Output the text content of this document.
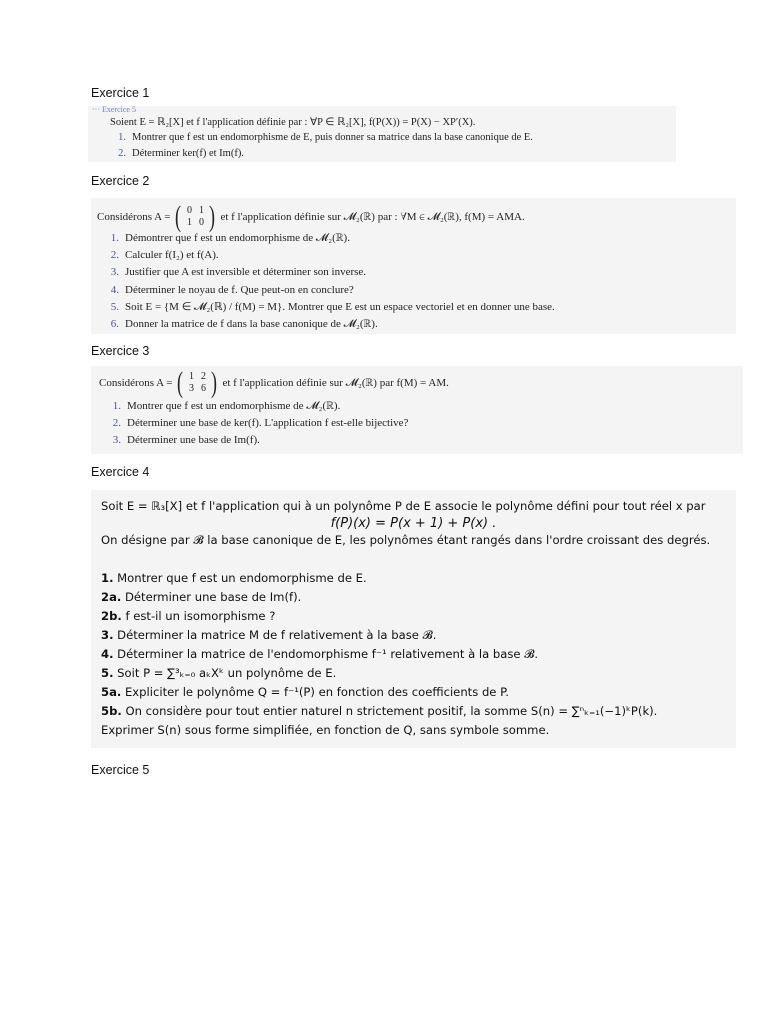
Exercice 1
··· Exercice 5
Soient E = ℝ₂[X] et f l'application définie par : ∀P ∈ ℝ₂[X], f(P(X)) = P(X) − XP′(X).
1. Montrer que f est un endomorphisme de E, puis donner sa matrice dans la base canonique de E.
2. Déterminer ker(f) et Im(f).
Exercice 2
Considérons A = ( 0 1
1 0 ) et f l'application définie sur 𝓜₂(ℝ) par : ∀M ∈ 𝓜₂(ℝ), f(M) = AMA.
1. Démontrer que f est un endomorphisme de 𝓜₂(ℝ).
2. Calculer f(I₂) et f(A).
3. Justifier que A est inversible et déterminer son inverse.
4. Déterminer le noyau de f. Que peut-on en conclure?
5. Soit E = {M ∈ 𝓜₂(ℝ) / f(M) = M}. Montrer que E est un espace vectoriel et en donner une base.
6. Donner la matrice de f dans la base canonique de 𝓜₂(ℝ).
Exercice 3
Considérons A = ( 1 2
3 6 ) et f l'application définie sur 𝓜₂(ℝ) par f(M) = AM.
1. Montrer que f est un endomorphisme de 𝓜₂(ℝ).
2. Déterminer une base de ker(f). L'application f est-elle bijective?
3. Déterminer une base de Im(f).
Exercice 4
Soit E = ℝ₃[X] et f l'application qui à un polynôme P de E associe le polynôme défini pour tout réel x par
f(P)(x) = P(x + 1) + P(x) .
On désigne par 𝓑 la base canonique de E, les polynômes étant rangés dans l'ordre croissant des degrés.
1. Montrer que f est un endomorphisme de E.
2a. Déterminer une base de Im(f).
2b. f est-il un isomorphisme ?
3. Déterminer la matrice M de f relativement à la base 𝓑.
4. Déterminer la matrice de l'endomorphisme f⁻¹ relativement à la base 𝓑.
5. Soit P = ∑³ₖ₌₀ aₖXᵏ un polynôme de E.
5a. Expliciter le polynôme Q = f⁻¹(P) en fonction des coefficients de P.
5b. On considère pour tout entier naturel n strictement positif, la somme S(n) = ∑ⁿₖ₌₁(−1)ᵏP(k).
Exprimer S(n) sous forme simplifiée, en fonction de Q, sans symbole somme.
Exercice 5
